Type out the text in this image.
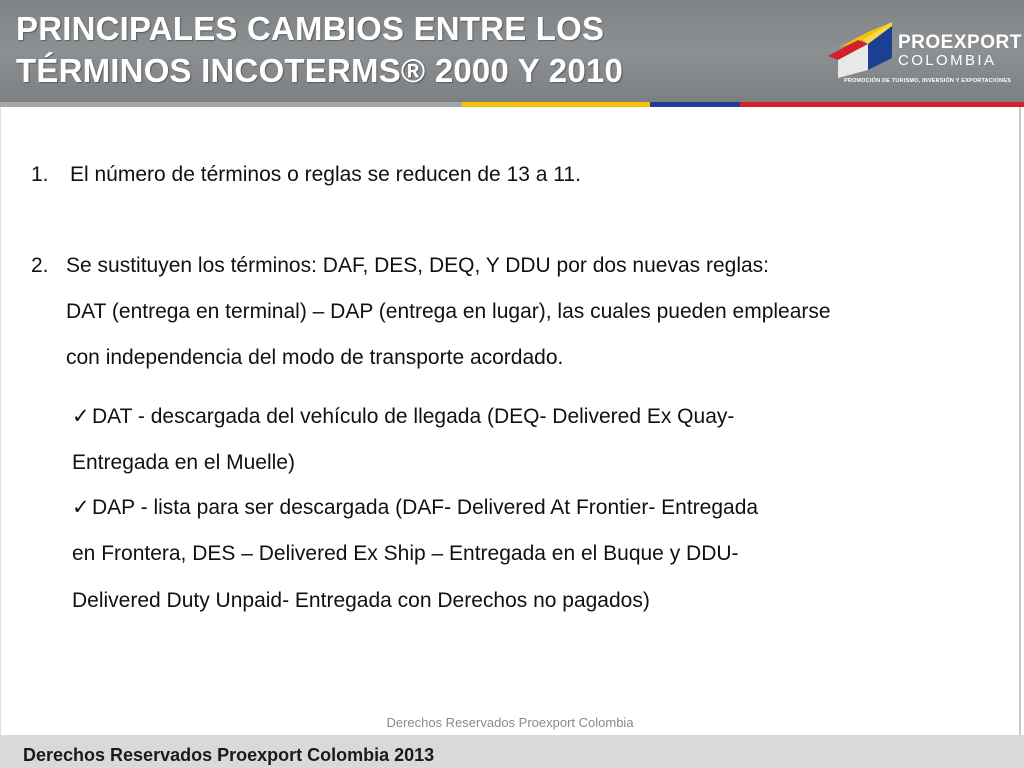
PRINCIPALES CAMBIOS ENTRE LOS
TÉRMINOS INCOTERMS® 2000 Y 2010
PROEXPORT
COLOMBIA
PROMOCIÓN DE TURISMO, INVERSIÓN Y EXPORTACIONES
1. El número de términos o reglas se reducen de 13 a 11.
2. Se sustituyen los términos: DAF, DES, DEQ, Y DDU por dos nuevas reglas:
DAT (entrega en terminal) – DAP (entrega en lugar), las cuales pueden emplearse
con independencia del modo de transporte acordado.
✓ DAT - descargada del vehículo de llegada (DEQ- Delivered Ex Quay-
Entregada en el Muelle)
✓ DAP - lista para ser descargada (DAF- Delivered At Frontier- Entregada
en Frontera, DES – Delivered Ex Ship – Entregada en el Buque y DDU-
Delivered Duty Unpaid- Entregada con Derechos no pagados)
Derechos Reservados Proexport Colombia
Derechos Reservados Proexport Colombia 2013
